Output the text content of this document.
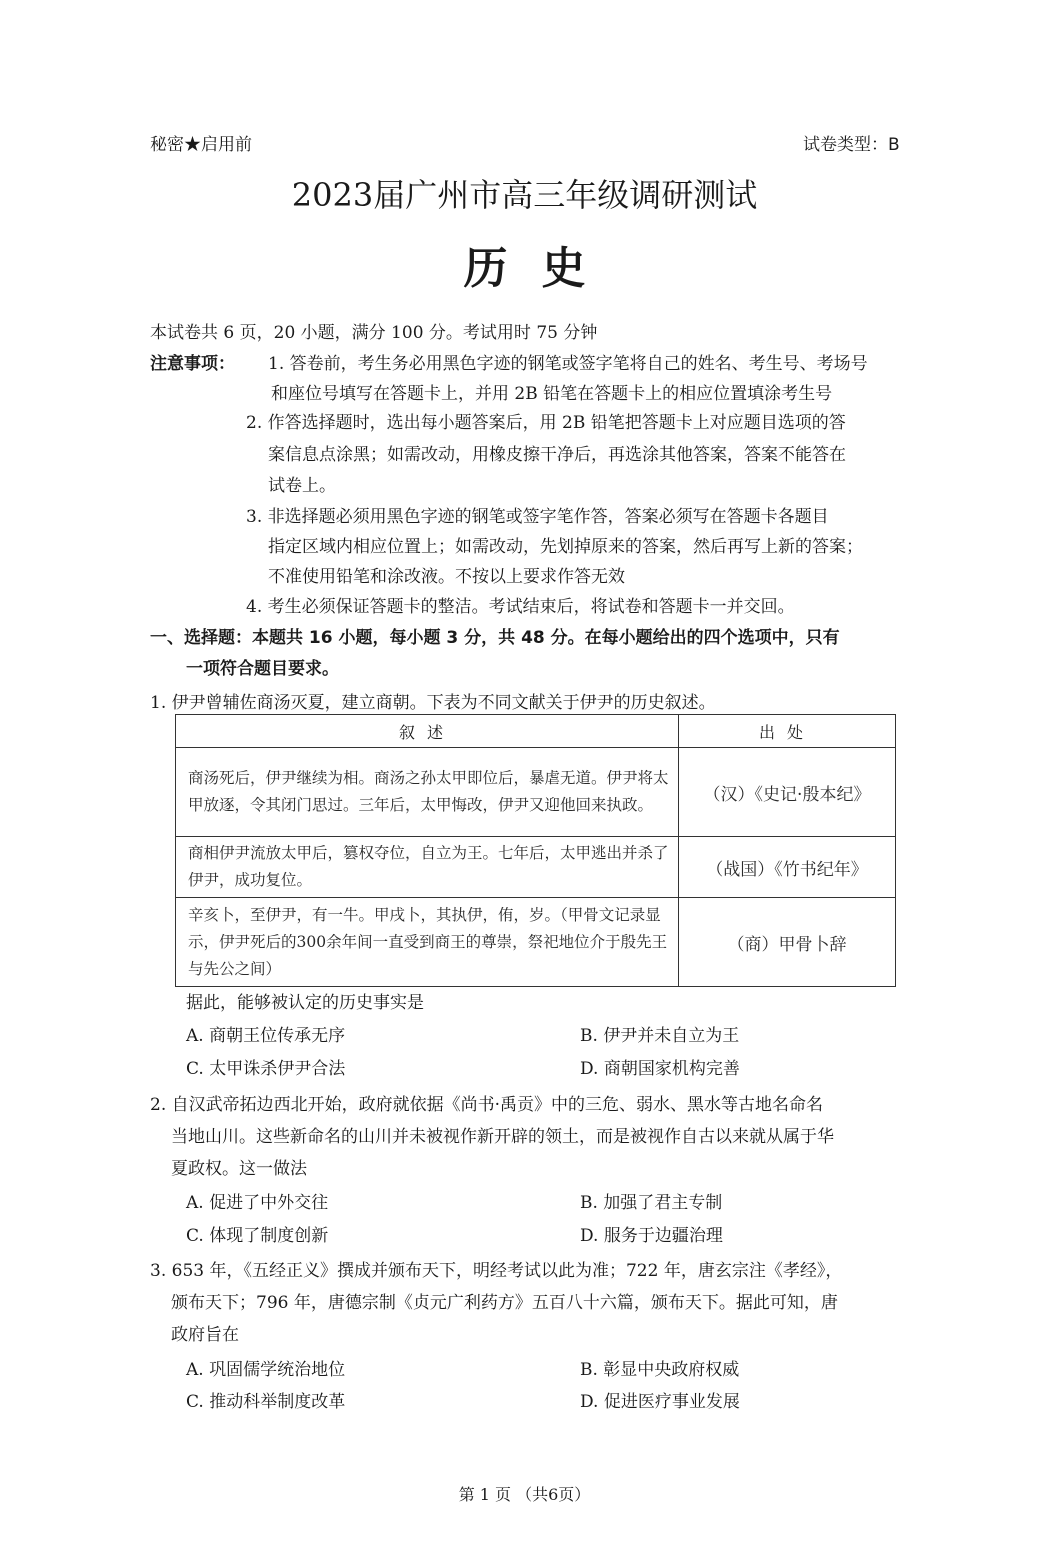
秘密★启用前	试卷类型：B
2023届广州市高三年级调研测试
历史
本试卷共 6 页，20 小题，满分 100 分。考试用时 75 分钟
注意事项： 1. 答卷前，考生务必用黑色字迹的钢笔或签字笔将自己的姓名、考生号、考场号
和座位号填写在答题卡上，并用 2B 铅笔在答题卡上的相应位置填涂考生号
2. 作答选择题时，选出每小题答案后，用 2B 铅笔把答题卡上对应题目选项的答
案信息点涂黑；如需改动，用橡皮擦干净后，再选涂其他答案，答案不能答在
试卷上。
3. 非选择题必须用黑色字迹的钢笔或签字笔作答，答案必须写在答题卡各题目
指定区域内相应位置上；如需改动，先划掉原来的答案，然后再写上新的答案；
不准使用铅笔和涂改液。不按以上要求作答无效
4. 考生必须保证答题卡的整洁。考试结束后，将试卷和答题卡一并交回。
一、选择题：本题共 16 小题，每小题 3 分，共 48 分。在每小题给出的四个选项中，只有
一项符合题目要求。
1. 伊尹曾辅佐商汤灭夏，建立商朝。下表为不同文献关于伊尹的历史叙述。
叙述	出处
商汤死后，伊尹继续为相。商汤之孙太甲即位后，暴虐无道。伊尹将太甲放逐，令其闭门思过。三年后，太甲悔改，伊尹又迎他回来执政。	（汉）《史记·殷本纪》
商相伊尹流放太甲后，篡权夺位，自立为王。七年后，太甲逃出并杀了伊尹，成功复位。	（战国）《竹书纪年》
辛亥卜，至伊尹，有一牛。甲戌卜，其执伊，侑，岁。（甲骨文记录显示，伊尹死后的300余年间一直受到商王的尊崇，祭祀地位介于殷先王与先公之间）	（商）甲骨卜辞
据此，能够被认定的历史事实是
A. 商朝王位传承无序	B. 伊尹并未自立为王
C. 太甲诛杀伊尹合法	D. 商朝国家机构完善
2. 自汉武帝拓边西北开始，政府就依据《尚书·禹贡》中的三危、弱水、黑水等古地名命名
当地山川。这些新命名的山川并未被视作新开辟的领土，而是被视作自古以来就从属于华
夏政权。这一做法
A. 促进了中外交往	B. 加强了君主专制
C. 体现了制度创新	D. 服务于边疆治理
3. 653 年，《五经正义》撰成并颁布天下，明经考试以此为准；722 年，唐玄宗注《孝经》，
颁布天下；796 年，唐德宗制《贞元广利药方》五百八十六篇，颁布天下。据此可知，唐
政府旨在
A. 巩固儒学统治地位	B. 彰显中央政府权威
C. 推动科举制度改革	D. 促进医疗事业发展
第 1 页 （共6页）
